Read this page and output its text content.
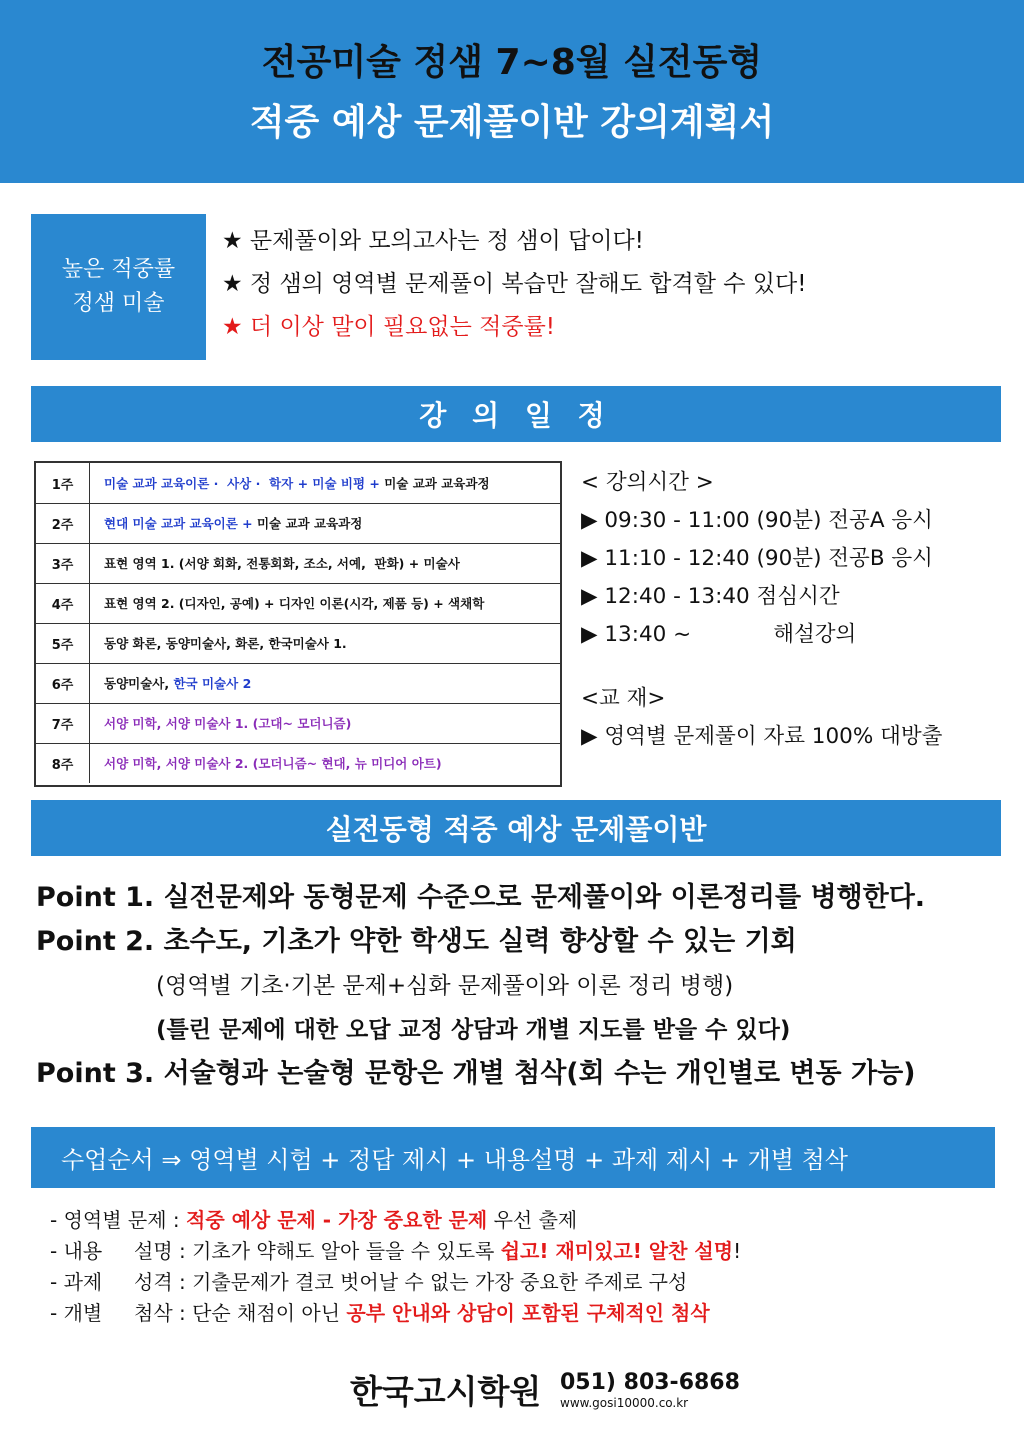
전공미술 정샘 7~8월 실전동형
적중 예상 문제풀이반 강의계획서
높은 적중률
정샘 미술
★ 문제풀이와 모의고사는 정 샘이 답이다!
★ 정 샘의 영역별 문제풀이 복습만 잘해도 합격할 수 있다!
★ 더 이상 말이 필요없는 적중률!
강 의 일 정
1주	미술 교과 교육이론 ·  사상 ·  학자 + 미술 비평 + 미술 교과 교육과정
2주	현대 미술 교과 교육이론 + 미술 교과 교육과정
3주	표현 영역 1. (서양 회화, 전통회화, 조소, 서예,  판화) + 미술사
4주	표현 영역 2. (디자인, 공예) + 디자인 이론(시각, 제품 등) + 색채학
5주	동양 화론, 동양미술사, 화론, 한국미술사 1.
6주	동양미술사, 한국 미술사 2
7주	서양 미학, 서양 미술사 1. (고대~ 모더니즘)
8주	서양 미학, 서양 미술사 2. (모더니즘~ 현대, 뉴 미디어 아트)
< 강의시간 >
▶ 09:30 - 11:00 (90분) 전공A 응시
▶ 11:10 - 12:40 (90분) 전공B 응시
▶ 12:40 - 13:40 점심시간
▶ 13:40 ~            해설강의
<교 재>
▶ 영역별 문제풀이 자료 100% 대방출
실전동형 적중 예상 문제풀이반
Point 1. 실전문제와 동형문제 수준으로 문제풀이와 이론정리를 병행한다.
Point 2. 초수도, 기초가 약한 학생도 실력 향상할 수 있는 기회
(영역별 기초·기본 문제+심화 문제풀이와 이론 정리 병행)
(틀린 문제에 대한 오답 교정 상담과 개별 지도를 받을 수 있다)
Point 3. 서술형과 논술형 문항은 개별 첨삭(회 수는 개인별로 변동 가능)
수업순서 ⇒ 영역별 시험 + 정답 제시 + 내용설명 + 과제 제시 + 개별 첨삭
- 영역별 문제 : 적중 예상 문제 - 가장 중요한 문제 우선 출제
- 내용     설명 : 기초가 약해도 알아 들을 수 있도록 쉽고! 재미있고! 알찬 설명!
- 과제     성격 : 기출문제가 결코 벗어날 수 없는 가장 중요한 주제로 구성
- 개별     첨삭 : 단순 채점이 아닌 공부 안내와 상담이 포함된 구체적인 첨삭
한국고시학원 051) 803-6868
www.gosi10000.co.kr
